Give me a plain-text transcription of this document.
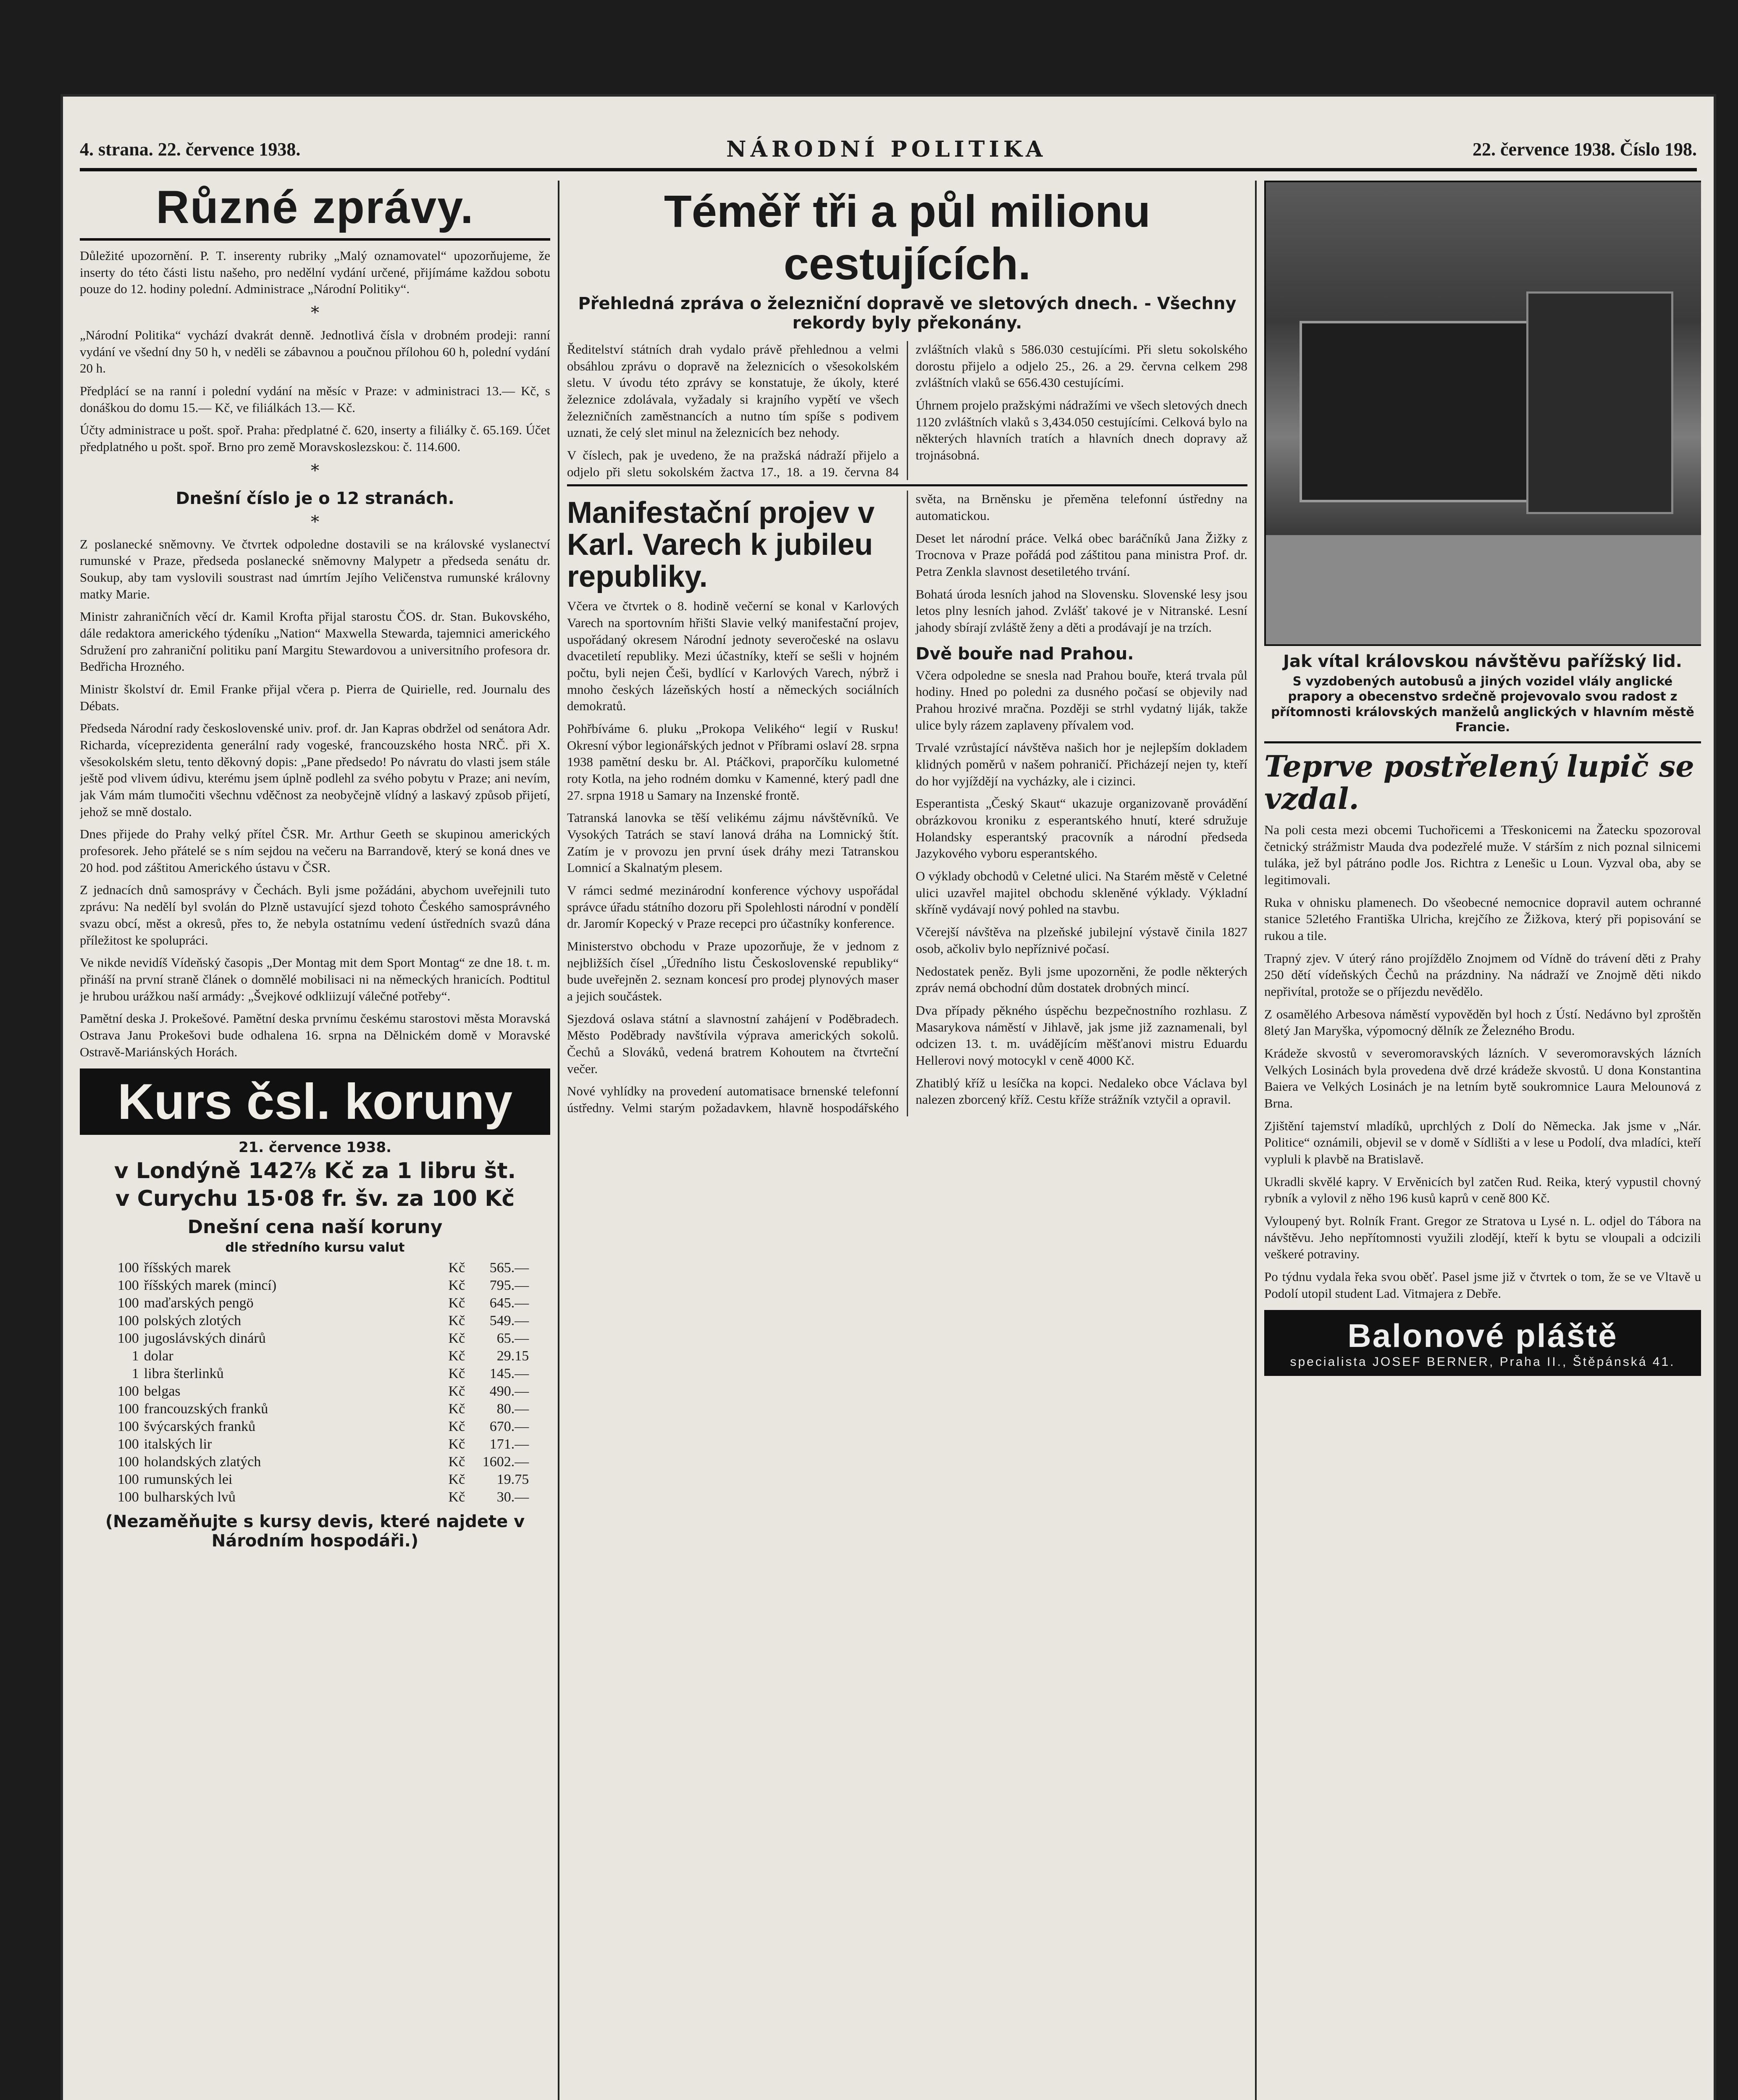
4. strana. 22. července 1938.	NÁRODNÍ POLITIKA	22. července 1938. Číslo 198.
Různé zprávy.

Důležité upozornění. P. T. inserenty rubriky „Malý oznamovatel“ upozorňujeme, že inserty do této části listu našeho, pro nedělní vydání určené, přijímáme každou sobotu pouze do 12. hodiny polední. Administrace „Národní Politiky“.

*

„Národní Politika“ vychází dvakrát denně. Jednotlivá čísla v drobném prodeji: ranní vydání ve všední dny 50 h, v neděli se zábavnou a poučnou přílohou 60 h, polední vydání 20 h.

Předplácí se na ranní i polední vydání na měsíc v Praze: v administraci 13.— Kč, s donáškou do domu 15.— Kč, ve filiálkách 13.— Kč.

Účty administrace u pošt. spoř. Praha: předplatné č. 620, inserty a filiálky č. 65.169. Účet předplatného u pošt. spoř. Brno pro země Moravskoslezskou: č. 114.600.

*
Dnešní číslo je o 12 stranách.
*

Z poslanecké sněmovny. Ve čtvrtek odpoledne dostavili se na královské vyslanectví rumunské v Praze, předseda poslanecké sněmovny Malypetr a předseda senátu dr. Soukup, aby tam vyslovili soustrast nad úmrtím Jejího Veličenstva rumunské královny matky Marie.

Ministr zahraničních věcí dr. Kamil Krofta přijal starostu ČOS. dr. Stan. Bukovského, dále redaktora amerického týdeníku „Nation“ Maxwella Stewarda, tajemnici amerického Sdružení pro zahraniční politiku paní Margitu Stewardovou a universitního profesora dr. Bedřicha Hrozného.

Ministr školství dr. Emil Franke přijal včera p. Pierra de Quirielle, red. Journalu des Débats.

Předseda Národní rady československé univ. prof. dr. Jan Kapras obdržel od senátora Adr. Richarda, víceprezidenta generální rady vogeské, francouzského hosta NRČ. při X. všesokolském sletu, tento děkovný dopis: „Pane předsedo! Po návratu do vlasti jsem stále ještě pod vlivem údivu, kterému jsem úplně podlehl za svého pobytu v Praze; ani nevím, jak Vám mám tlumočiti všechnu vděčnost za neobyčejně vlídný a laskavý způsob přijetí, jehož se mně dostalo.

Dnes přijede do Prahy velký přítel ČSR. Mr. Arthur Geeth se skupinou amerických profesorek. Jeho přátelé se s ním sejdou na večeru na Barrandově, který se koná dnes ve 20 hod. pod záštitou Amerického ústavu v ČSR.

Z jednacích dnů samosprávy v Čechách. Byli jsme požádáni, abychom uveřejnili tuto zprávu: Na nedělí byl svolán do Plzně ustavující sjezd tohoto Českého samosprávného svazu obcí, měst a okresů, přes to, že nebyla ostatnímu vedení ústředních svazů dána příležitost ke spolupráci.

Ve nikde nevidíš Vídeňský časopis „Der Montag mit dem Sport Montag“ ze dne 18. t. m. přináší na první straně článek o domnělé mobilisaci ni na německých hranicích. Podtitul je hrubou urážkou naší armády: „Švejkové odkliizují válečné potřeby“.

Pamětní deska J. Prokešové. Pamětní deska prvnímu českému starostovi města Moravská Ostrava Janu Prokešovi bude odhalena 16. srpna na Dělnickém domě v Moravské Ostravě-Mariánských Horách.

Kurs čsl. koruny
21. července 1938.
v Londýně 142⁷⁄₈ Kč za 1 libru št.
v Curychu 15·08 fr. šv. za 100 Kč
Dnešní cena naší koruny
dle středního kursu valut
100	říšských marek	Kč	565.—
100	říšských marek (mincí)	Kč	795.—
100	maďarských pengö	Kč	645.—
100	polských zlotých	Kč	549.—
100	jugoslávských dinárů	Kč	65.—
1	dolar	Kč	29.15
1	libra šterlinků	Kč	145.—
100	belgas	Kč	490.—
100	francouzských franků	Kč	80.—
100	švýcarských franků	Kč	670.—
100	italských lir	Kč	171.—
100	holandských zlatých	Kč	1602.—
100	rumunských lei	Kč	19.75
100	bulharských lvů	Kč	30.—
(Nezaměňujte s kursy devis, které najdete v Národním hospodáři.)
Téměř tři a půl milionu cestujících.
Přehledná zpráva o železniční dopravě ve sletových dnech. - Všechny rekordy byly překonány.

Ředitelství státních drah vydalo právě přehlednou a velmi obsáhlou zprávu o dopravě na železnicích o všesokolském sletu. V úvodu této zprávy se konstatuje, že úkoly, které železnice zdolávala, vyžadaly si krajního vypětí ve všech železničních zaměstnancích a nutno tím spíše s podivem uznati, že celý slet minul na železnicích bez nehody.

V číslech, pak je uvedeno, že na pražská nádraží přijelo a odjelo při sletu sokolském žactva 17., 18. a 19. června 84 zvláštních vlaků s 586.030 cestujícími. Při sletu sokolského dorostu přijelo a odjelo 25., 26. a 29. června celkem 298 zvláštních vlaků se 656.430 cestujícími.

Úhrnem projelo pražskými nádražími ve všech sletových dnech 1120 zvláštních vlaků s 3,434.050 cestujícími. Celková bylo na některých hlavních tratích a hlavních dnech dopravy až trojnásobná.

Manifestační projev v Karl. Varech k jubileu republiky.

Včera ve čtvrtek o 8. hodině večerní se konal v Karlových Varech na sportovním hřišti Slavie velký manifestační projev, uspořádaný okresem Národní jednoty severočeské na oslavu dvacetiletí republiky. Mezi účastníky, kteří se sešli v hojném počtu, byli nejen Češi, bydlící v Karlových Varech, nýbrž i mnoho českých lázeňských hostí a německých sociálních demokratů.

Pohřbíváme 6. pluku „Prokopa Velikého“ legií v Rusku! Okresní výbor legionářských jednot v Příbrami oslaví 28. srpna 1938 pamětní desku br. Al. Ptáčkovi, praporčíku kulometné roty Kotla, na jeho rodném domku v Kamenné, který padl dne 27. srpna 1918 u Samary na Inzenské frontě.

Tatranská lanovka se těší velikému zájmu návštěvníků. Ve Vysokých Tatrách se staví lanová dráha na Lomnický štít. Zatím je v provozu jen první úsek dráhy mezi Tatranskou Lomnicí a Skalnatým plesem.

V rámci sedmé mezinárodní konference výchovy uspořádal správce úřadu státního dozoru při Spolehlosti národní v pondělí dr. Jaromír Kopecký v Praze recepci pro účastníky konference.

Ministerstvo obchodu v Praze upozorňuje, že v jednom z nejbližších čísel „Úředního listu Československé republiky“ bude uveřejněn 2. seznam koncesí pro prodej plynových maser a jejich součástek.

Sjezdová oslava státní a slavnostní zahájení v Poděbradech. Město Poděbrady navštívila výprava amerických sokolů. Čechů a Slováků, vedená bratrem Kohoutem na čtvrteční večer.

Nové vyhlídky na provedení automatisace brnenské telefonní ústředny. Velmi starým požadavkem, hlavně hospodářského světa, na Brněnsku je přeměna telefonní ústředny na automatickou.

Deset let národní práce. Velká obec baráčníků Jana Žižky z Trocnova v Praze pořádá pod záštitou pana ministra Prof. dr. Petra Zenkla slavnost desetiletého trvání.

Bohatá úroda lesních jahod na Slovensku. Slovenské lesy jsou letos plny lesních jahod. Zvlášť takové je v Nitranské. Lesní jahody sbírají zvláště ženy a děti a prodávají je na trzích.

Dvě bouře nad Prahou.

Včera odpoledne se snesla nad Prahou bouře, která trvala půl hodiny. Hned po poledni za dusného počasí se objevily nad Prahou hrozivé mračna. Později se strhl vydatný liják, takže ulice byly rázem zaplaveny přívalem vod.

Trvalé vzrůstající návštěva našich hor je nejlepším dokladem klidných poměrů v našem pohraničí. Přicházejí nejen ty, kteří do hor vyjíždějí na vycházky, ale i cizinci.

Esperantista „Český Skaut“ ukazuje organizovaně provádění obrázkovou kroniku z esperantského hnutí, které sdružuje Holandsky esperantský pracovník a národní předseda Jazykového vyboru esperantského.

O výklady obchodů v Celetné ulici. Na Starém městě v Celetné ulici uzavřel majitel obchodu skleněné výklady. Výkladní skříně vydávají nový pohled na stavbu.

Včerejší návštěva na plzeňské jubilejní výstavě činila 1827 osob, ačkoliv bylo nepříznivé počasí.

Nedostatek peněz. Byli jsme upozorněni, že podle některých zpráv nemá obchodní dům dostatek drobných mincí.

Dva případy pěkného úspěchu bezpečnostního rozhlasu. Z Masarykova náměstí v Jihlavě, jak jsme již zaznamenali, byl odcizen 13. t. m. uvádějícím měšťanovi mistru Eduardu Hellerovi nový motocykl v ceně 4000 Kč.

Zhatiblý kříž u lesíčka na kopci. Nedaleko obce Václava byl nalezen zborcený kříž. Cestu kříže strážník vztyčil a opravil.

Jak vítal královskou návštěvu pařížský lid.
S vyzdobených autobusů a jiných vozidel vlály anglické prapory a obecenstvo srdečně projevovalo svou radost z přítomnosti královských manželů anglických v hlavním městě Francie.
Teprve postřelený lupič se vzdal.

Na poli cesta mezi obcemi Tuchořicemi a Třeskonicemi na Žatecku spozoroval četnický strážmistr Mauda dva podezřelé muže. V stárším z nich poznal silnicemi tuláka, jež byl pátráno podle Jos. Richtra z Lenešic u Loun. Vyzval oba, aby se legitimovali.

Ruka v ohnisku plamenech. Do všeobecné nemocnice dopravil autem ochranné stanice 52letého Františka Ulricha, krejčího ze Žižkova, který při popisování se rukou a tile.

Trapný zjev. V úterý ráno projíždělo Znojmem od Vídně do trávení děti z Prahy 250 dětí vídeňských Čechů na prázdniny. Na nádraží ve Znojmě děti nikdo nepřivítal, protože se o příjezdu nevědělo.

Z osamělého Arbesova náměstí vypověděn byl hoch z Ústí. Nedávno byl zproštěn 8letý Jan Maryška, výpomocný dělník ze Železného Brodu.

Krádeže skvostů v severomoravských lázních. V severomoravských lázních Velkých Losinách byla provedena dvě drzé krádeže skvostů. U dona Konstantina Baiera ve Velkých Losinách je na letním bytě soukromnice Laura Melounová z Brna.

Zjištění tajemství mladíků, uprchlých z Dolí do Německa. Jak jsme v „Nár. Politice“ oznámili, objevil se v domě v Sídlišti a v lese u Podolí, dva mladíci, kteří vypluli k plavbě na Bratislavě.

Ukradli skvělé kapry. V Ervěnicích byl zatčen Rud. Reika, který vypustil chovný rybník a vylovil z něho 196 kusů kaprů v ceně 800 Kč.

Vyloupený byt. Rolník Frant. Gregor ze Stratova u Lysé n. L. odjel do Tábora na návštěvu. Jeho nepřítomnosti využili zlodějí, kteří k bytu se vloupali a odcizili veškeré potraviny.

Po týdnu vydala řeka svou oběť. Pasel jsme již v čtvrtek o tom, že se ve Vltavě u Podolí utopil student Lad. Vitmajera z Debře.

Balonové pláště
specialista JOSEF BERNER, Praha II., Štěpánská 41.
